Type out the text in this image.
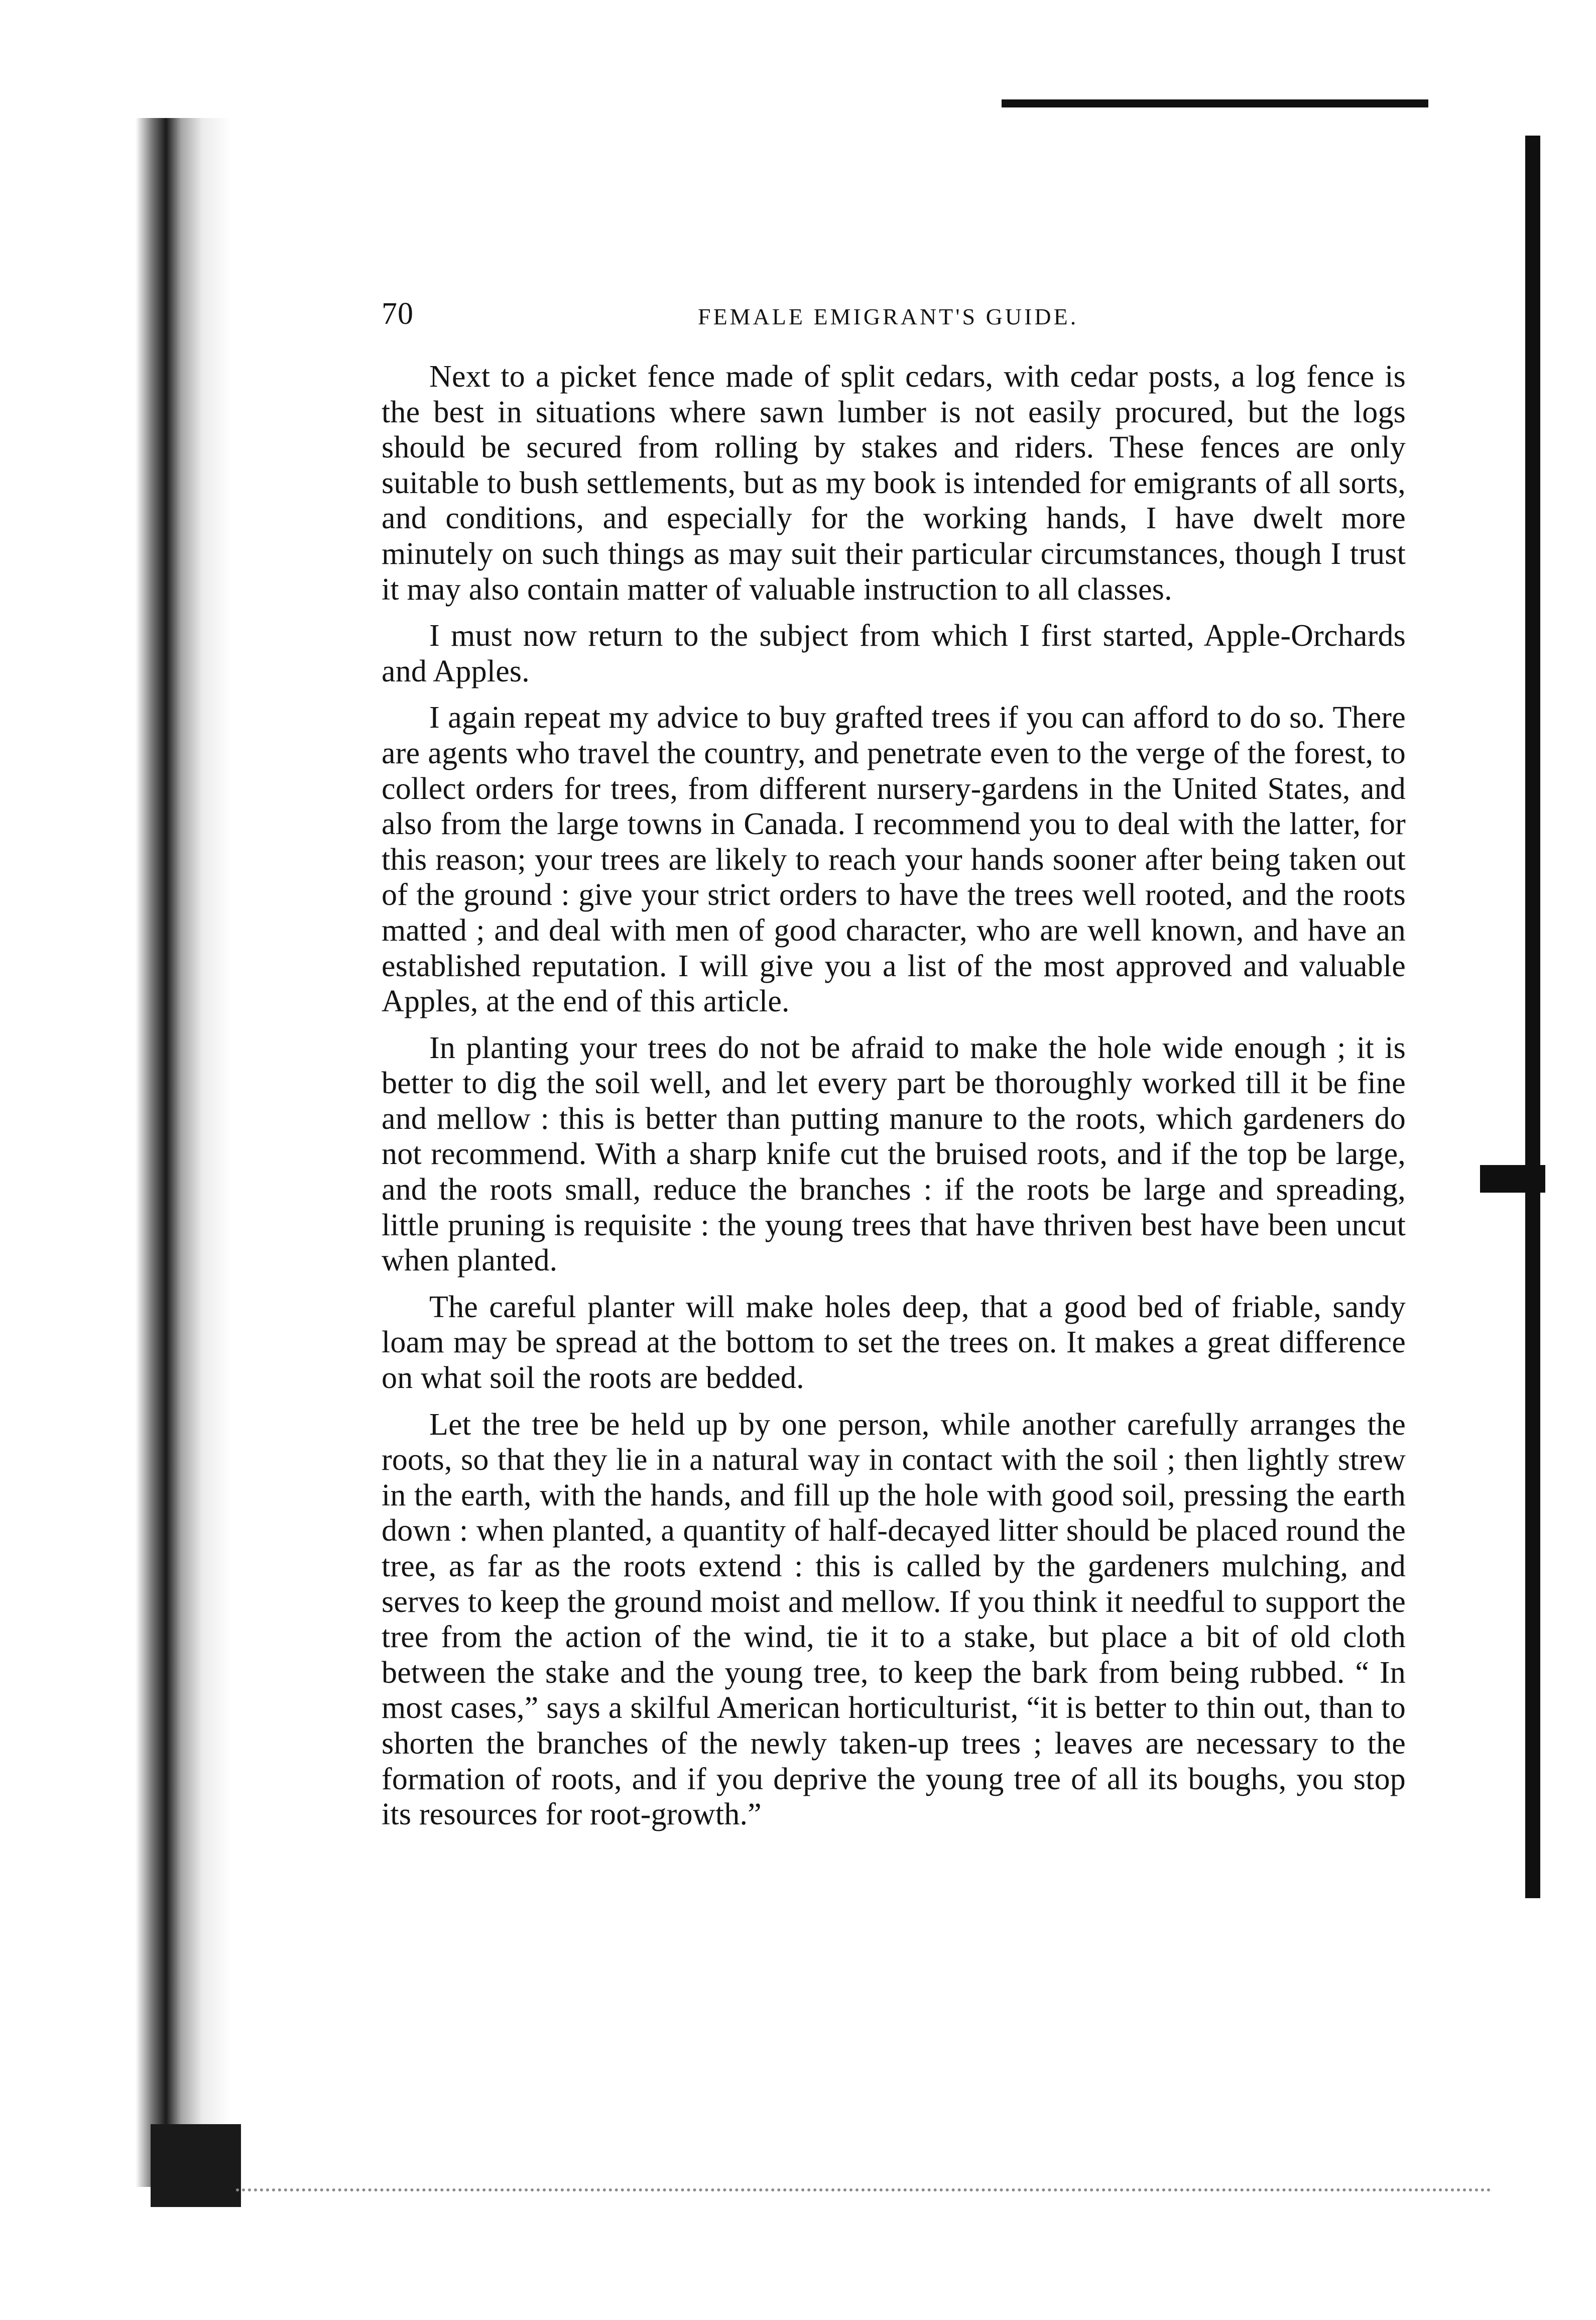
70	FEMALE EMIGRANT'S GUIDE.

Next to a picket fence made of split cedars, with cedar posts, a log fence is the best in situations where sawn lumber is not easily procured, but the logs should be secured from rolling by stakes and riders. These fences are only suitable to bush settlements, but as my book is intended for emigrants of all sorts, and conditions, and especially for the working hands, I have dwelt more minutely on such things as may suit their particular circumstances, though I trust it may also contain matter of valuable instruction to all classes.

I must now return to the subject from which I first started, Apple-Orchards and Apples.

I again repeat my advice to buy grafted trees if you can afford to do so. There are agents who travel the country, and penetrate even to the verge of the forest, to collect orders for trees, from different nursery-gardens in the United States, and also from the large towns in Canada. I recommend you to deal with the latter, for this reason; your trees are likely to reach your hands sooner after being taken out of the ground : give your strict orders to have the trees well rooted, and the roots matted ; and deal with men of good character, who are well known, and have an established reputation. I will give you a list of the most approved and valuable Apples, at the end of this article.

In planting your trees do not be afraid to make the hole wide enough ; it is better to dig the soil well, and let every part be thoroughly worked till it be fine and mellow : this is better than putting manure to the roots, which gardeners do not recommend. With a sharp knife cut the bruised roots, and if the top be large, and the roots small, reduce the branches : if the roots be large and spreading, little pruning is requisite : the young trees that have thriven best have been uncut when planted.

The careful planter will make holes deep, that a good bed of friable, sandy loam may be spread at the bottom to set the trees on. It makes a great difference on what soil the roots are bedded.

Let the tree be held up by one person, while another carefully arranges the roots, so that they lie in a natural way in contact with the soil ; then lightly strew in the earth, with the hands, and fill up the hole with good soil, pressing the earth down : when planted, a quantity of half-decayed litter should be placed round the tree, as far as the roots extend : this is called by the gardeners mulching, and serves to keep the ground moist and mellow. If you think it needful to support the tree from the action of the wind, tie it to a stake, but place a bit of old cloth between the stake and the young tree, to keep the bark from being rubbed. “ In most cases,” says a skilful American horticulturist, “it is better to thin out, than to shorten the branches of the newly taken-up trees ; leaves are necessary to the formation of roots, and if you deprive the young tree of all its boughs, you stop its resources for root-growth.”
